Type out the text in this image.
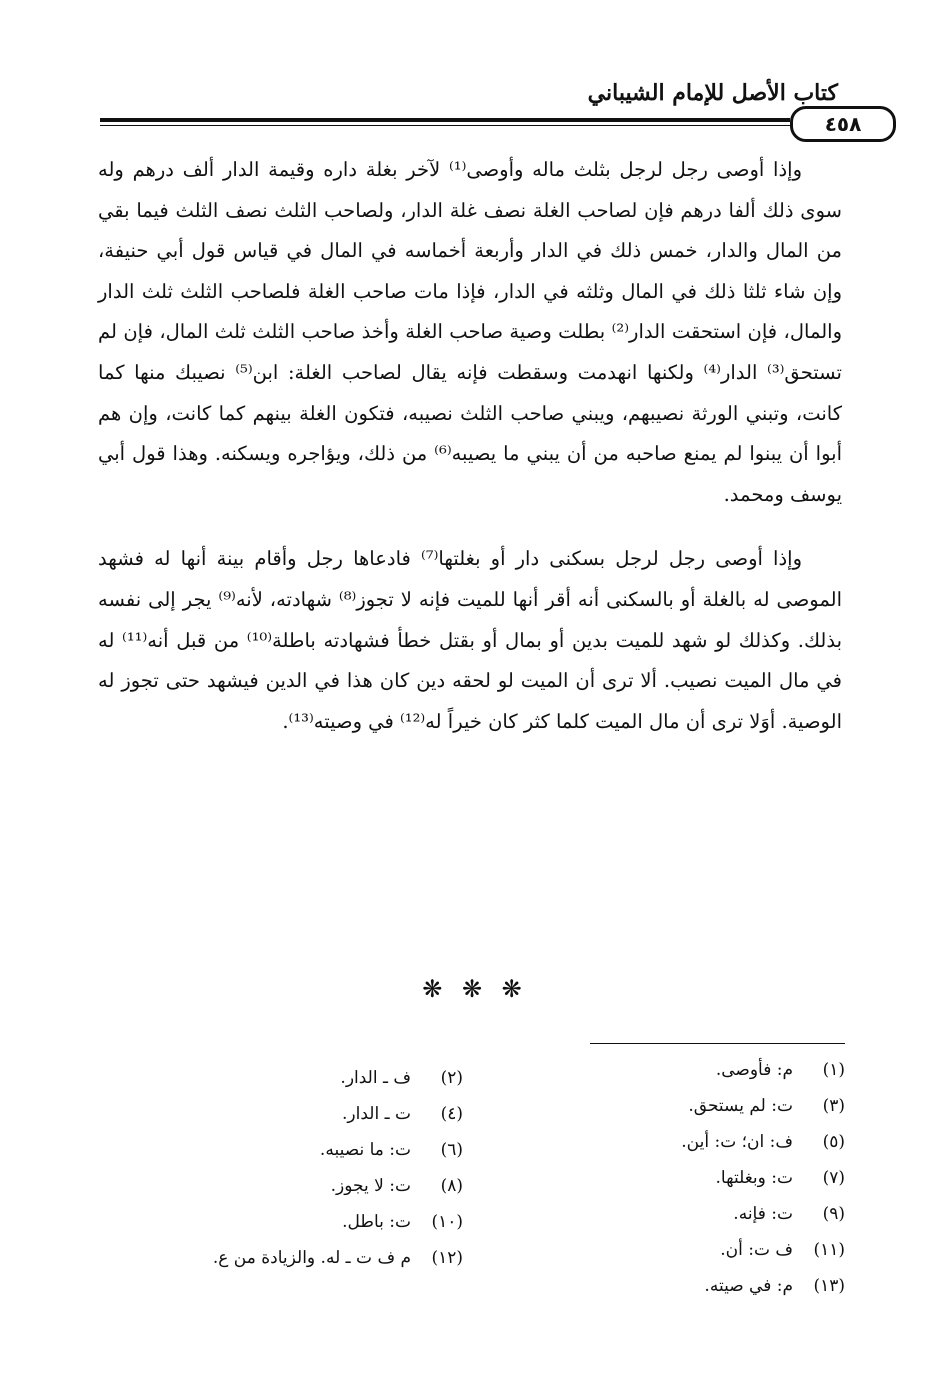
كتاب الأصل للإمام الشيباني
٤٥٨

وإذا أوصى رجل لرجل بثلث ماله وأوصى⁽¹⁾ لآخر بغلة داره وقيمة الدار ألف درهم وله سوى ذلك ألفا درهم فإن لصاحب الغلة نصف غلة الدار، ولصاحب الثلث نصف الثلث فيما بقي من المال والدار، خمس ذلك في الدار وأربعة أخماسه في المال في قياس قول أبي حنيفة، وإن شاء ثلثا ذلك في المال وثلثه في الدار، فإذا مات صاحب الغلة فلصاحب الثلث ثلث الدار والمال، فإن استحقت الدار⁽²⁾ بطلت وصية صاحب الغلة وأخذ صاحب الثلث ثلث المال، فإن لم تستحق⁽³⁾ الدار⁽⁴⁾ ولكنها انهدمت وسقطت فإنه يقال لصاحب الغلة: ابن⁽⁵⁾ نصيبك منها كما كانت، وتبني الورثة نصيبهم، ويبني صاحب الثلث نصيبه، فتكون الغلة بينهم كما كانت، وإن هم أبوا أن يبنوا لم يمنع صاحبه من أن يبني ما يصيبه⁽⁶⁾ من ذلك، ويؤاجره ويسكنه. وهذا قول أبي يوسف ومحمد.

وإذا أوصى رجل لرجل بسكنى دار أو بغلتها⁽⁷⁾ فادعاها رجل وأقام بينة أنها له فشهد الموصى له بالغلة أو بالسكنى أنه أقر أنها للميت فإنه لا تجوز⁽⁸⁾ شهادته، لأنه⁽⁹⁾ يجر إلى نفسه بذلك. وكذلك لو شهد للميت بدين أو بمال أو بقتل خطأ فشهادته باطلة⁽¹⁰⁾ من قبل أنه⁽¹¹⁾ له في مال الميت نصيب. ألا ترى أن الميت لو لحقه دين كان هذا في الدين فيشهد حتى تجوز له الوصية. أوَلا ترى أن مال الميت كلما كثر كان خيراً له⁽¹²⁾ في وصيته⁽¹³⁾.

❋ ❋ ❋
(١)م: فأوصى.
(٣)ت: لم يستحق.
(٥)ف: ان؛ ت: أين.
(٧)ت: وبغلتها.
(٩)ت: فإنه.
(١١)ف ت: أن.
(١٣)م: في صيته.
(٢)ف ـ الدار.
(٤)ت ـ الدار.
(٦)ت: ما نصيبه.
(٨)ت: لا يجوز.
(١٠)ت: باطل.
(١٢)م ف ت ـ له. والزيادة من ع.
